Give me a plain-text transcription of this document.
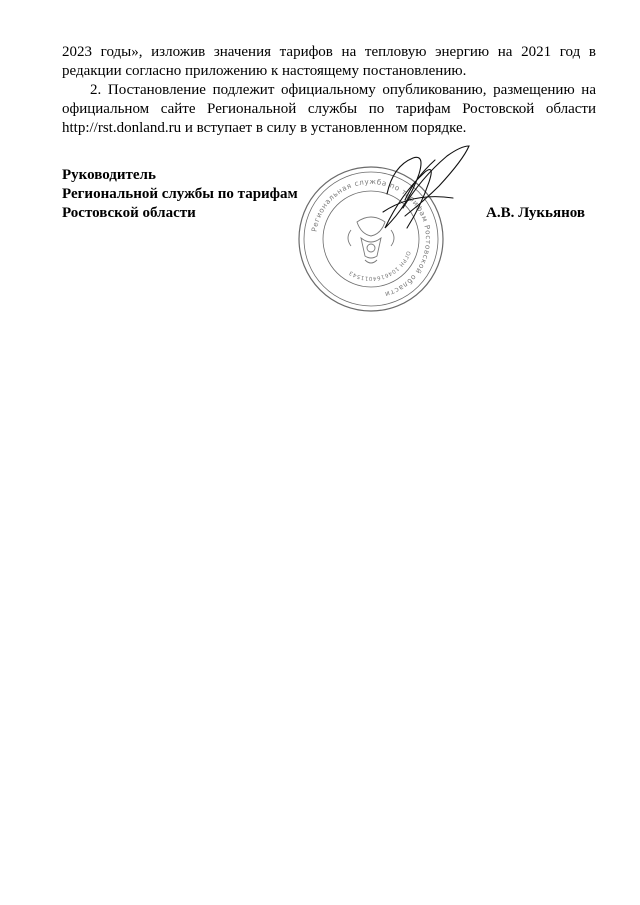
2023 годы», изложив значения тарифов на тепловую энергию на 2021 год в редакции согласно приложению к настоящему постановлению.

2. Постановление подлежит официальному опубликованию, размещению на официальном сайте Региональной службы по тарифам Ростовской области http://rst.donland.ru и вступает в силу в установленном порядке.

Руководитель
Региональной службы по тарифам
Ростовской области	А.В. Лукьянов
Региональная служба по тарифам Ростовской области
ОГРН 1046164011543
